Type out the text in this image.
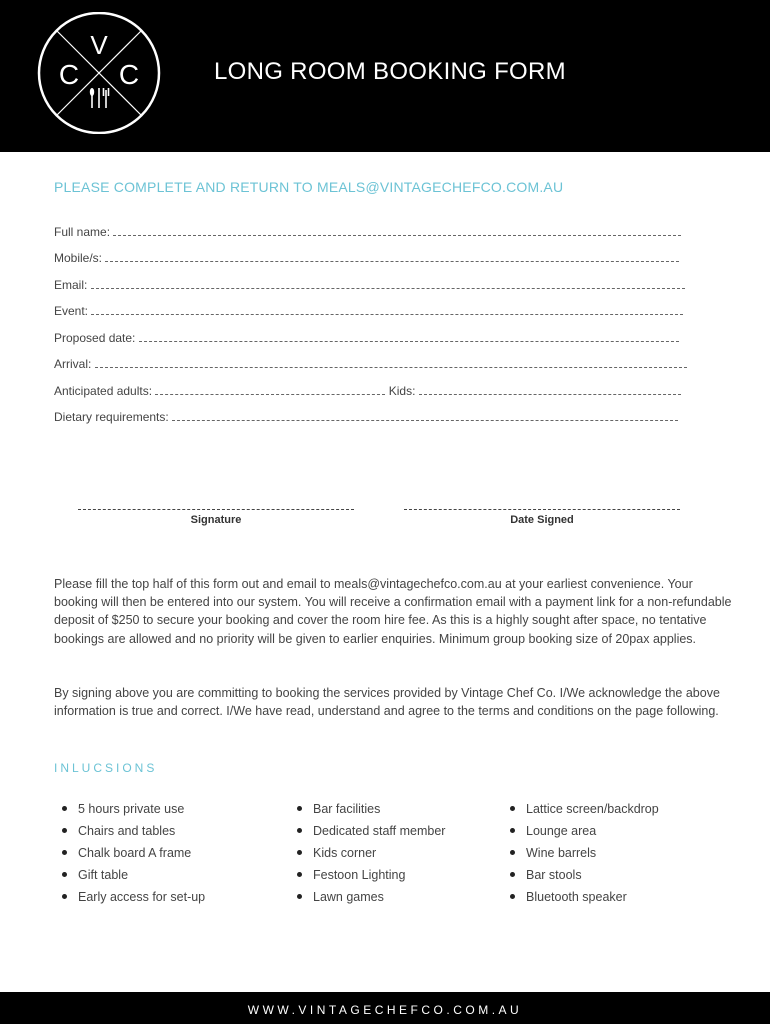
V
C C	LONG ROOM BOOKING FORM
PLEASE COMPLETE AND RETURN TO MEALS@VINTAGECHEFCO.COM.AU
Full name:
Mobile/s:
Email:
Event:
Proposed date:
Arrival:
Anticipated adults:	Kids:
Dietary requirements:
Signature	Date Signed

Please fill the top half of this form out and email to meals@vintagechefco.com.au at your earliest convenience. Your booking will then be entered into our system. You will receive a confirmation email with a payment link for a non-refundable deposit of $250 to secure your booking and cover the room hire fee. As this is a highly sought after space, no tentative bookings are allowed and no priority will be given to earlier enquiries. Minimum group booking size of 20pax applies.

By signing above you are committing to booking the services provided by Vintage Chef Co. I/We acknowledge the above information is true and correct. I/We have read, understand and agree to the terms and conditions on the page following.

INLUCSIONS
5 hours private use
Chairs and tables
Chalk board A frame
Gift table
Early access for set-up
Bar facilities
Dedicated staff member
Kids corner
Festoon Lighting
Lawn games
Lattice screen/backdrop
Lounge area
Wine barrels
Bar stools
Bluetooth speaker
WWW.VINTAGECHEFCO.COM.AU
